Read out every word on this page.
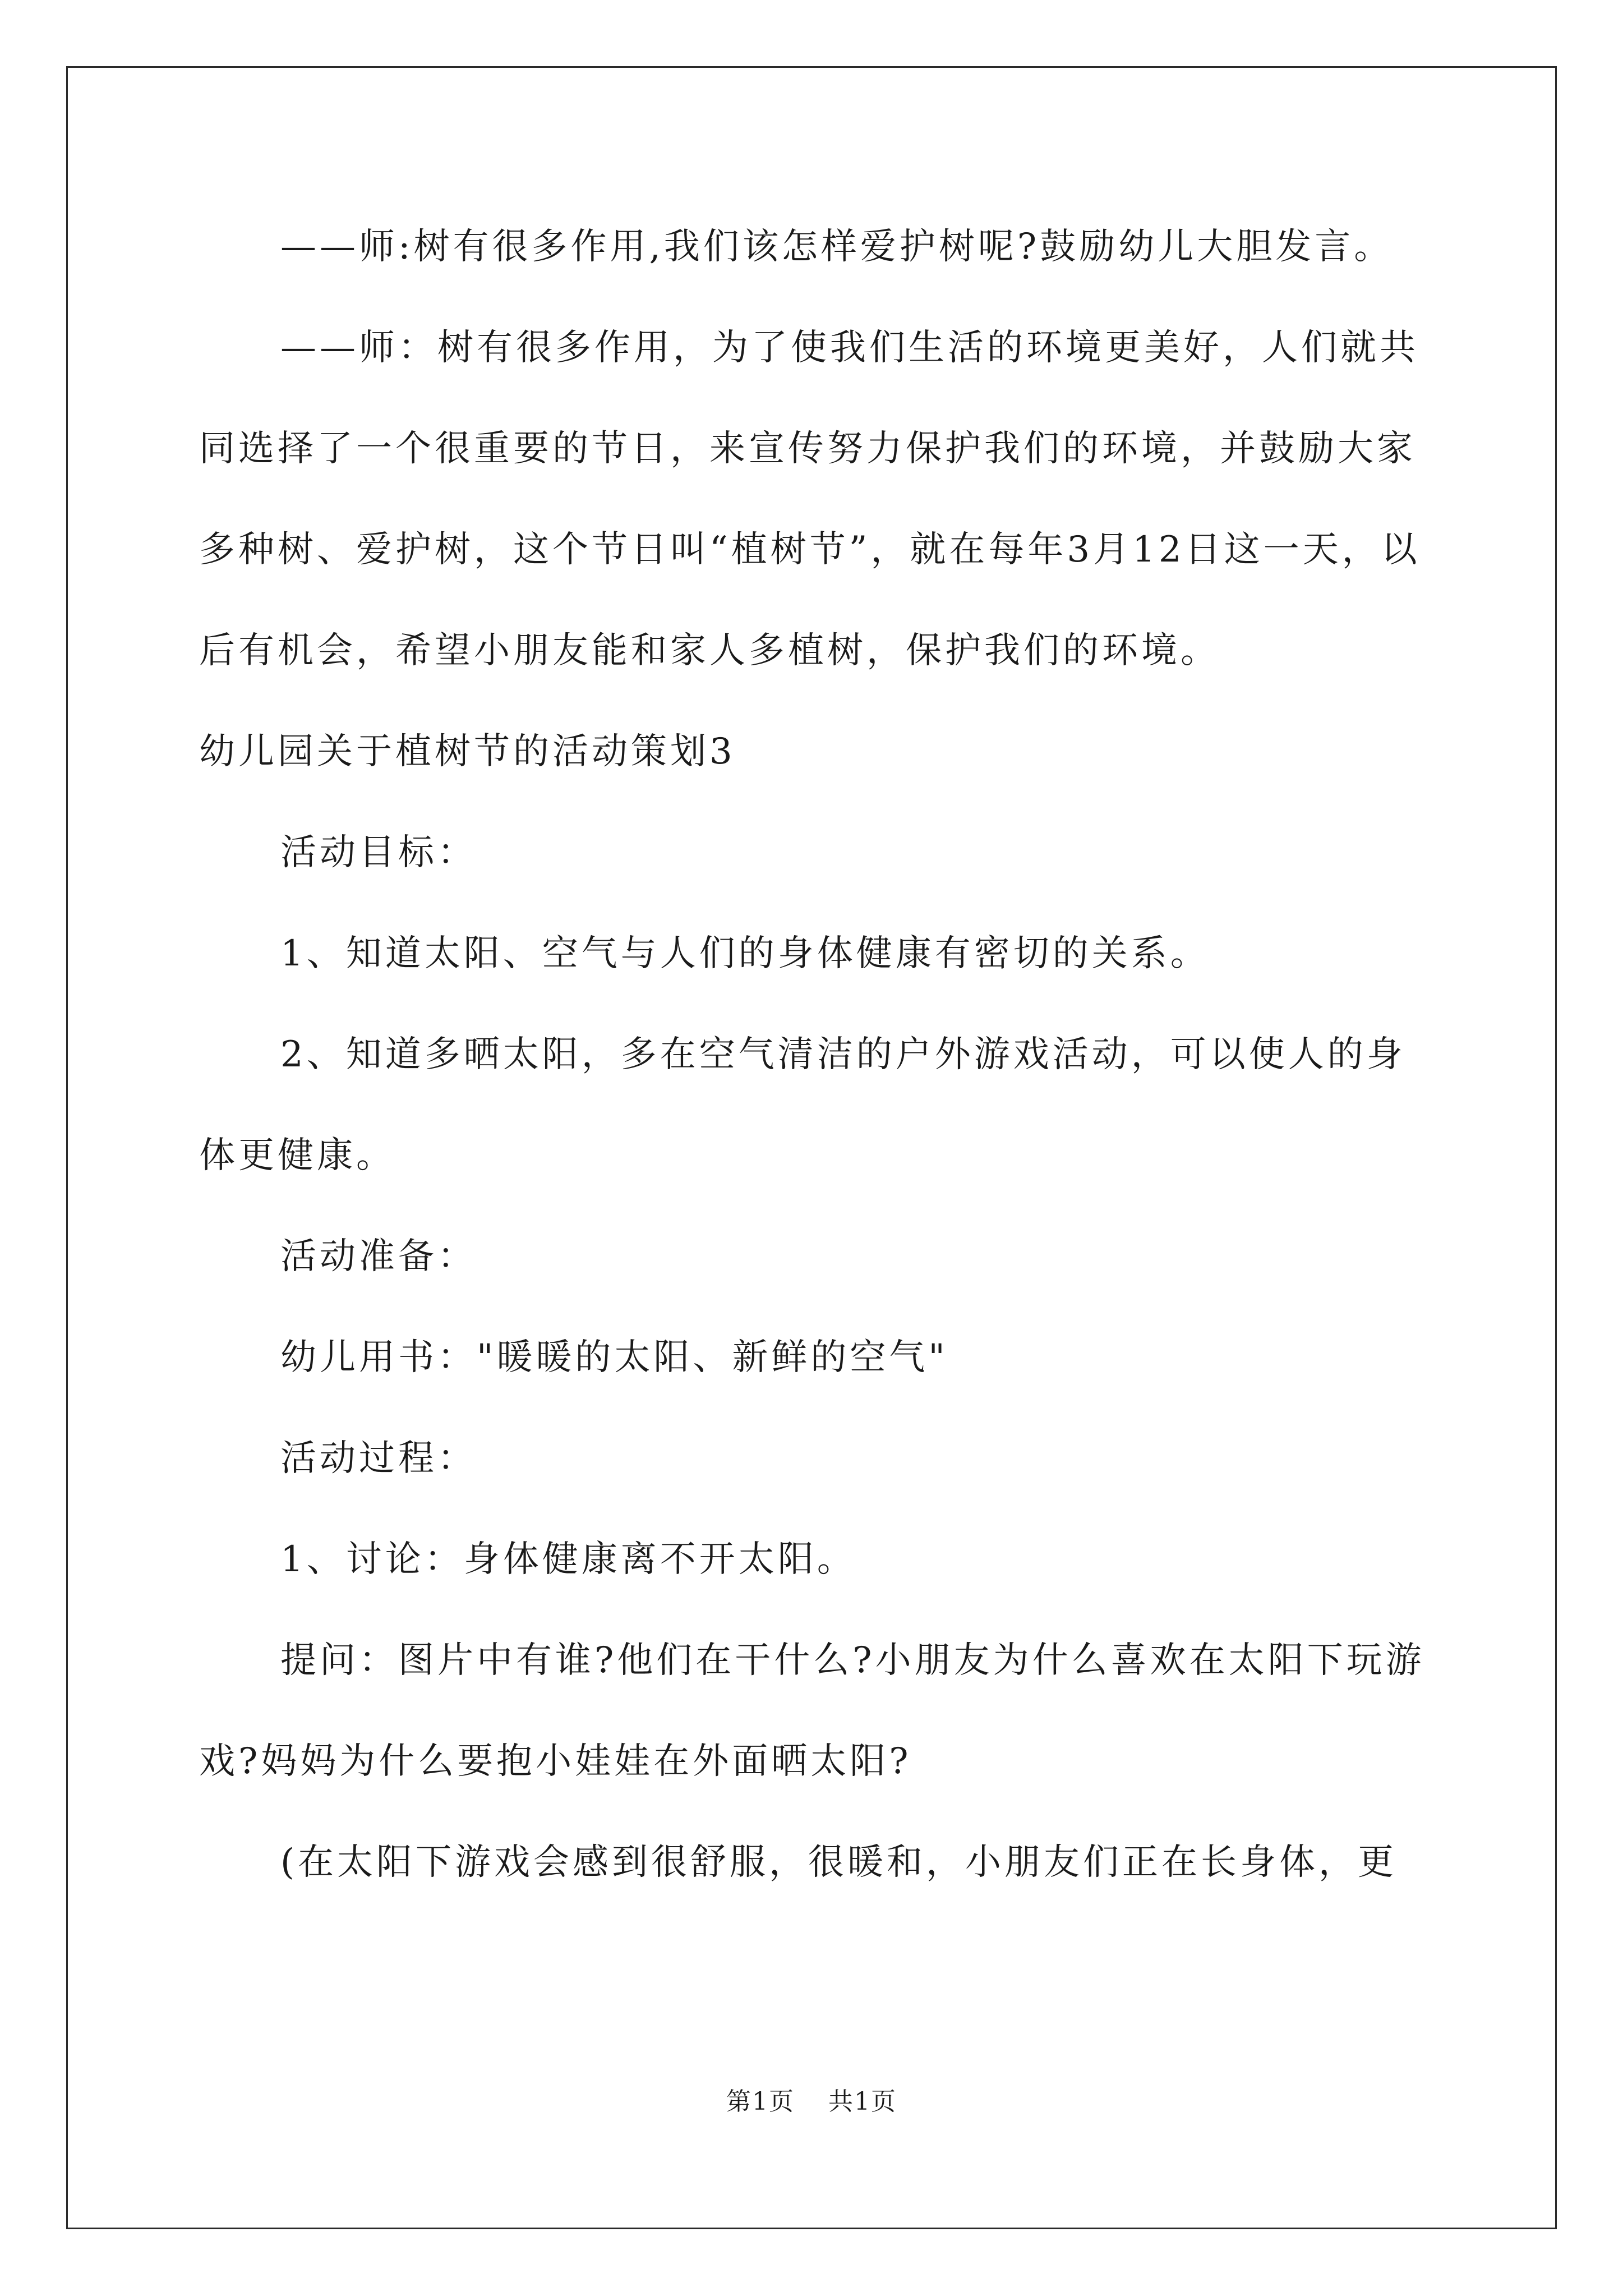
——师:树有很多作用,我们该怎样爱护树呢?鼓励幼儿大胆发言。

——师：树有很多作用，为了使我们生活的环境更美好，人们就共同选择了一个很重要的节日，来宣传努力保护我们的环境，并鼓励大家多种树、爱护树，这个节日叫“植树节”，就在每年3月12日这一天，以后有机会，希望小朋友能和家人多植树，保护我们的环境。

幼儿园关于植树节的活动策划3

活动目标：

1、知道太阳、空气与人们的身体健康有密切的关系。

2、知道多晒太阳，多在空气清洁的户外游戏活动，可以使人的身体更健康。

活动准备：

幼儿用书："暖暖的太阳、新鲜的空气"

活动过程：

1、讨论：身体健康离不开太阳。

提问：图片中有谁?他们在干什么?小朋友为什么喜欢在太阳下玩游戏?妈妈为什么要抱小娃娃在外面晒太阳?

(在太阳下游戏会感到很舒服，很暖和，小朋友们正在长身体，更

第1页 共1页
